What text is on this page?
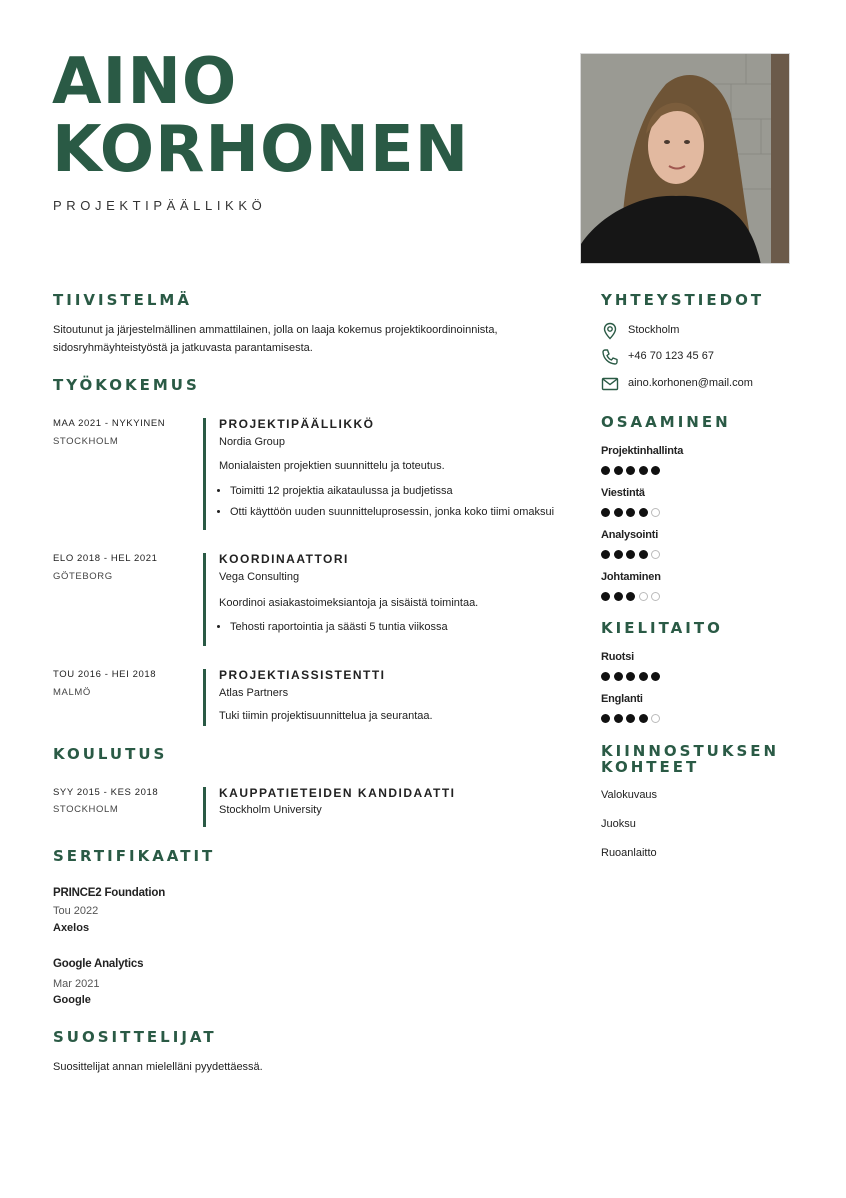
AINO
KORHONEN
PROJEKTIPÄÄLLIKKÖ
TIIVISTELMÄ
Sitoutunut ja järjestelmällinen ammattilainen, jolla on laaja kokemus projektikoordinoinnista,
sidosryhmäyhteistyöstä ja jatkuvasta parantamisesta.
TYÖKOKEMUS
MAA 2021 - NYKYINEN
STOCKHOLM
PROJEKTIPÄÄLLIKKÖ
Nordia Group
Monialaisten projektien suunnittelu ja toteutus.
• Toimitti 12 projektia aikataulussa ja budjetissa
• Otti käyttöön uuden suunnitteluprosessin, jonka koko tiimi omaksui
ELO 2018 - HEL 2021
GÖTEBORG
KOORDINAATTORI
Vega Consulting
Koordinoi asiakastoimeksiantoja ja sisäistä toimintaa.
• Tehosti raportointia ja säästi 5 tuntia viikossa
TOU 2016 - HEI 2018
MALMÖ
PROJEKTIASSISTENTTI
Atlas Partners
Tuki tiimin projektisuunnittelua ja seurantaa.
KOULUTUS
SYY 2015 - KES 2018
STOCKHOLM
KAUPPATIETEIDEN KANDIDAATTI
Stockholm University
SERTIFIKAATIT
PRINCE2 Foundation
Tou 2022
Axelos
Google Analytics
Mar 2021
Google
SUOSITTELIJAT
Suosittelijat annan mielelläni pyydettäessä.
YHTEYSTIEDOT
Stockholm
+46 70 123 45 67
aino.korhonen@mail.com
OSAAMINEN
Projektinhallinta
Viestintä
Analysointi
Johtaminen
KIELITAITO
Ruotsi
Englanti
KIINNOSTUKSEN
KOHTEET
Valokuvaus
Juoksu
Ruoanlaitto
